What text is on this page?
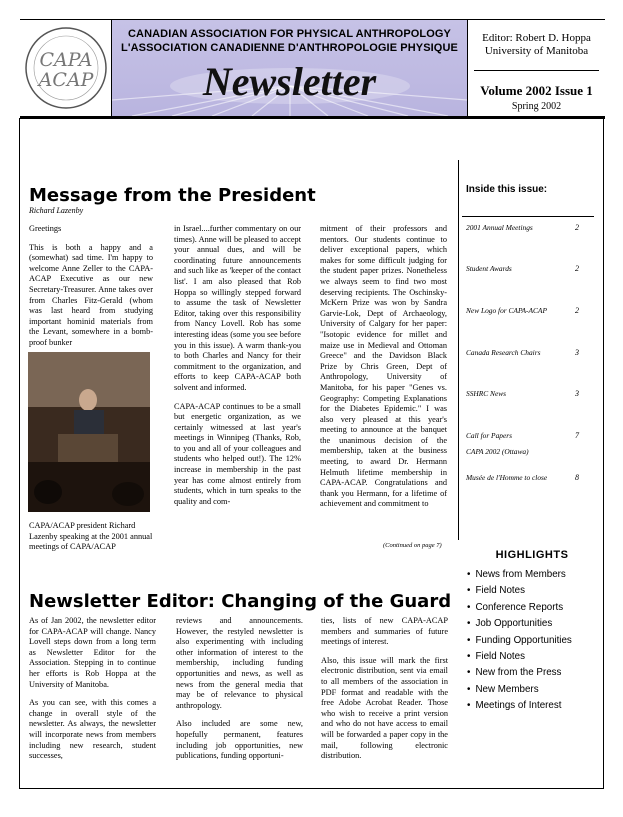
CAPA
ACAP
CANADIAN ASSOCIATION FOR PHYSICAL ANTHROPOLOGY
L'ASSOCIATION CANADIENNE D'ANTHROPOLOGIE PHYSIQUE
Newsletter
Editor: Robert D. Hoppa
University of Manitoba
Volume 2002 Issue 1
Spring 2002
Message from the President
Richard Lazenby

Greetings

This is both a happy and a (somewhat) sad time. I'm happy to welcome Anne Zeller to the CAPA-ACAP Executive as our new Secretary-Treasurer. Anne takes over from Charles Fitz-Gerald (whom was last heard from studying important hominid materials from the Levant, somewhere in a bomb-proof bunker

CAPA/ACAP president Richard Lazenby speaking at the 2001 annual meetings of CAPA/ACAP

in Israel....further commentary on our times). Anne will be pleased to accept your annual dues, and will be coordinating future announcements and such like as 'keeper of the contact list'. I am also pleased that Rob Hoppa so willingly stepped forward to assume the task of Newsletter Editor, taking over this responsibility from Nancy Lovell. Rob has some interesting ideas (some you see before you in this issue). A warm thank-you to both Charles and Nancy for their commitment to the organization, and efforts to keep CAPA-ACAP both solvent and informed.

CAPA-ACAP continues to be a small but energetic organization, as we certainly witnessed at last year's meetings in Winnipeg (Thanks, Rob, to you and all of your colleagues and students who helped out!). The 12% increase in membership in the past year has come almost entirely from students, which in turn speaks to the quality and com-

mitment of their professors and mentors. Our students continue to deliver exceptional papers, which makes for some difficult judging for the student paper prizes. Nonetheless we always seem to find two most deserving recipients. The Oschinsky-McKern Prize was won by Sandra Garvie-Lok, Dept of Archaeology, University of Calgary for her paper: "Isotopic evidence for millet and maize use in Medieval and Ottoman Greece" and the Davidson Black Prize by Chris Green, Dept of Anthropology, University of Manitoba, for his paper "Genes vs. Geography: Competing Explanations for the Diabetes Epidemic." I was also very pleased at this year's meeting to announce at the banquet the unanimous decision of the membership, taken at the business meeting, to award Dr. Hermann Helmuth lifetime membership in CAPA-ACAP. Congratulations and thank you Hermann, for a lifetime of achievement and commitment to

(Continued on page 7)
Newsletter Editor: Changing of the Guard

As of Jan 2002, the newsletter editor for CAPA-ACAP will change. Nancy Lovell steps down from a long term as Newsletter Editor for the Association. Stepping in to continue her efforts is Rob Hoppa at the University of Manitoba.

As you can see, with this comes a change in overall style of the newsletter. As always, the newsletter will incorporate news from members including new research, student successes,

reviews and announcements. However, the restyled newsletter is also experimenting with including other information of interest to the membership, including funding opportunities and news, as well as news from the general media that may be of relevance to physical anthropology.

Also included are some new, hopefully permanent, features including job opportunities, new publications, funding opportuni-

ties, lists of new CAPA-ACAP members and summaries of future meetings of interest.

Also, this issue will mark the first electronic distribution, sent via email to all members of the association in PDF format and readable with the free Adobe Acrobat Reader. Those who wish to receive a print version and who do not have access to email will be forwarded a paper copy in the mail, following electronic distribution.

Inside this issue:
2001 Annual Meetings	2
Student Awards	2
New Logo for CAPA-ACAP	2
Canada Research Chairs	3
SSHRC News	3
Call for Papers	7
CAPA 2002 (Ottawa)
Musée de l'Homme to close	8
HIGHLIGHTS
• News from Members
• Field Notes
• Conference Reports
• Job Opportunities
• Funding Opportunities
• Field Notes
• New from the Press
• New Members
• Meetings of Interest
